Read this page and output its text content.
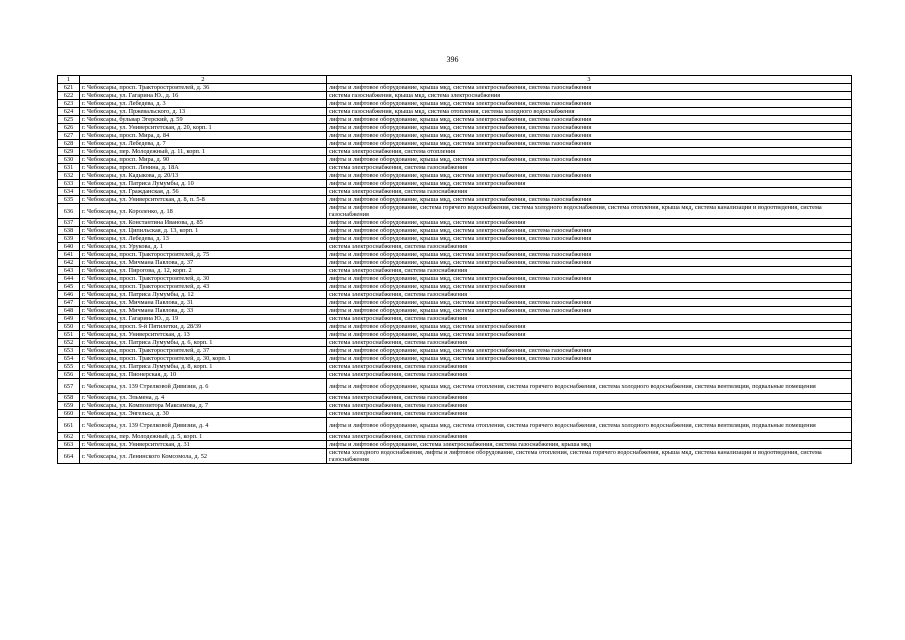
396
1	2	3
621	г. Чебоксары, просп. Тракторостроителей, д. 36	лифты и лифтовое оборудование, крыша мкд, система электроснабжения, система газоснабжения
622	г. Чебоксары, ул. Гагарина Ю., д. 16	система газоснабжения, крыша мкд, система электроснабжения
623	г. Чебоксары, ул. Лебедева, д. 3	лифты и лифтовое оборудование, крыша мкд, система электроснабжения, система газоснабжения
624	г. Чебоксары, ул. Пржевальского, д. 13	система газоснабжения, крыша мкд, система отопления, система холодного водоснабжения
625	г. Чебоксары, бульвар Эгерский, д. 59	лифты и лифтовое оборудование, крыша мкд, система электроснабжения, система газоснабжения
626	г. Чебоксары, ул. Университетская, д. 20, корп. 1	лифты и лифтовое оборудование, крыша мкд, система электроснабжения, система газоснабжения
627	г. Чебоксары, просп. Мира, д. 84	лифты и лифтовое оборудование, крыша мкд, система электроснабжения, система газоснабжения
628	г. Чебоксары, ул. Лебедева, д. 7	лифты и лифтовое оборудование, крыша мкд, система электроснабжения, система газоснабжения
629	г. Чебоксары, пер. Молодежный, д. 11, корп. 1	система электроснабжения, система отопления
630	г. Чебоксары, просп. Мира, д. 90	лифты и лифтовое оборудование, крыша мкд, система электроснабжения, система газоснабжения
631	г. Чебоксары, просп. Ленина, д. 18А	система электроснабжения, система газоснабжения
632	г. Чебоксары, ул. Кадыкова, д. 20/13	лифты и лифтовое оборудование, крыша мкд, система электроснабжения, система газоснабжения
633	г. Чебоксары, ул. Патриса Лумумбы, д. 10	лифты и лифтовое оборудование, крыша мкд, система электроснабжения
634	г. Чебоксары, ул. Гражданская, д. 56	система электроснабжения, система газоснабжения
635	г. Чебоксары, ул. Университетская, д. 8, п. 5-8	лифты и лифтовое оборудование, крыша мкд, система электроснабжения, система газоснабжения
636	г. Чебоксары, ул. Короленко, д. 18	лифты и лифтовое оборудование, система горячего водоснабжения, система холодного водоснабжения, система отопления, крыша мкд, система канализации и водоотведения, система газоснабжения
637	г. Чебоксары, ул. Константина Иванова, д. 85	лифты и лифтовое оборудование, крыша мкд, система электроснабжения
638	г. Чебоксары, ул. Ципильская, д. 13, корп. 1	лифты и лифтовое оборудование, крыша мкд, система электроснабжения, система газоснабжения
639	г. Чебоксары, ул. Лебедева, д. 13	лифты и лифтовое оборудование, крыша мкд, система электроснабжения, система газоснабжения
640	г. Чебоксары, ул. Урукова, д. 1	система электроснабжения, система газоснабжения
641	г. Чебоксары, просп. Тракторостроителей, д. 75	лифты и лифтовое оборудование, крыша мкд, система электроснабжения, система газоснабжения
642	г. Чебоксары, ул. Мичмана Павлова, д. 37	лифты и лифтовое оборудование, крыша мкд, система электроснабжения, система газоснабжения
643	г. Чебоксары, ул. Пирогова, д. 12, корп. 2	система электроснабжения, система газоснабжения
644	г. Чебоксары, просп. Тракторостроителей, д. 30	лифты и лифтовое оборудование, крыша мкд, система электроснабжения, система газоснабжения
645	г. Чебоксары, просп. Тракторостроителей, д. 43	лифты и лифтовое оборудование, крыша мкд, система электроснабжения
646	г. Чебоксары, ул. Патриса Лумумбы, д. 12	система электроснабжения, система газоснабжения
647	г. Чебоксары, ул. Мичмана Павлова, д. 31	лифты и лифтовое оборудование, крыша мкд, система электроснабжения, система газоснабжения
648	г. Чебоксары, ул. Мичмана Павлова, д. 33	лифты и лифтовое оборудование, крыша мкд, система электроснабжения, система газоснабжения
649	г. Чебоксары, ул. Гагарина Ю., д. 19	система электроснабжения, система газоснабжения
650	г. Чебоксары, просп. 9-й Пятилетки, д. 28/39	лифты и лифтовое оборудование, крыша мкд, система электроснабжения
651	г. Чебоксары, ул. Университетская, д. 13	лифты и лифтовое оборудование, крыша мкд, система электроснабжения
652	г. Чебоксары, ул. Патриса Лумумбы, д. 6, корп. 1	система электроснабжения, система газоснабжения
653	г. Чебоксары, просп. Тракторостроителей, д. 37	лифты и лифтовое оборудование, крыша мкд, система электроснабжения, система газоснабжения
654	г. Чебоксары, просп. Тракторостроителей, д. 30, корп. 1	лифты и лифтовое оборудование, крыша мкд, система электроснабжения, система газоснабжения
655	г. Чебоксары, ул. Патриса Лумумбы, д. 8, корп. 1	система электроснабжения, система газоснабжения
656	г. Чебоксары, ул. Пионерская, д. 10	система электроснабжения, система газоснабжения
657	г. Чебоксары, ул. 139 Стрелковой Дивизии, д. 6	лифты и лифтовое оборудование, крыша мкд, система отопления, система горячего водоснабжения, система холодного водоснабжения, система вентиляции, подвальные помещения
658	г. Чебоксары, ул. Эльмена, д. 4	система электроснабжения, система газоснабжения
659	г. Чебоксары, ул. Композитора Максимова, д. 7	система электроснабжения, система газоснабжения
660	г. Чебоксары, ул. Энгельса, д. 30	система электроснабжения, система газоснабжения
661	г. Чебоксары, ул. 139 Стрелковой Дивизии, д. 4	лифты и лифтовое оборудование, крыша мкд, система отопления, система горячего водоснабжения, система холодного водоснабжения, система вентиляции, подвальные помещения
662	г. Чебоксары, пер. Молодежный, д. 5, корп. 1	система электроснабжения, система газоснабжения
663	г. Чебоксары, ул. Университетская, д. 31	лифты и лифтовое оборудование, система электроснабжения, система газоснабжения, крыша мкд
664	г. Чебоксары, ул. Ленинского Комсомола, д. 52	система холодного водоснабжения, лифты и лифтовое оборудование, система отопления, система горячего водоснабжения, крыша мкд, система канализации и водоотведения, система газоснабжения
